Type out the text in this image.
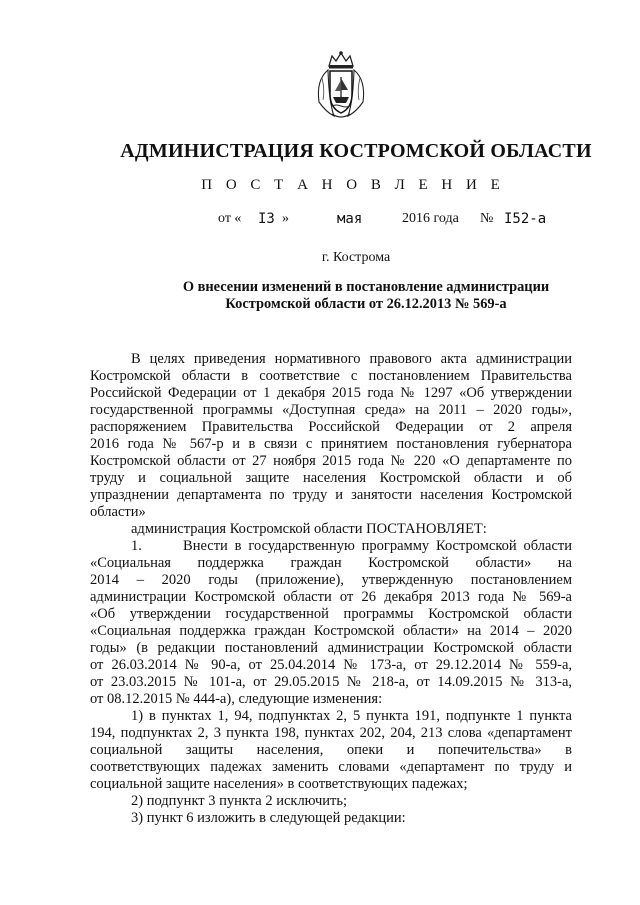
АДМИНИСТРАЦИЯ КОСТРОМСКОЙ ОБЛАСТИ
П О С Т А Н О В Л Е Н И Е
от « I3 »	мая	2016 года № I52-а
г. Кострома
О внесении изменений в постановление администрации
Костромской области от 26.12.2013 № 569-а
В целях приведения нормативного правового акта администрации
Костромской области в соответствие с постановлением Правительства
Российской Федерации от 1 декабря 2015 года № 1297 «Об утверждении
государственной программы «Доступная среда» на 2011 – 2020 годы»,
распоряжением Правительства Российской Федерации от 2 апреля
2016 года № 567-р и в связи с принятием постановления губернатора
Костромской области от 27 ноября 2015 года № 220 «О департаменте по
труду и социальной защите населения Костромской области и об
упразднении департамента по труду и занятости населения Костромской
области»
администрация Костромской области ПОСТАНОВЛЯЕТ:
1.      Внести в государственную программу Костромской области
«Социальная поддержка граждан Костромской области» на
2014 – 2020 годы (приложение), утвержденную постановлением
администрации Костромской области от 26 декабря 2013 года № 569-а
«Об утверждении государственной программы Костромской области
«Социальная поддержка граждан Костромской области» на 2014 – 2020
годы» (в редакции постановлений администрации Костромской области
от 26.03.2014 № 90-а, от 25.04.2014 № 173-а, от 29.12.2014 № 559-а,
от 23.03.2015 № 101-а, от 29.05.2015 № 218-а, от 14.09.2015 № 313-а,
от 08.12.2015 № 444-а), следующие изменения:
1) в пунктах 1, 94, подпунктах 2, 5 пункта 191, подпункте 1 пункта
194, подпунктах 2, 3 пункта 198, пунктах 202, 204, 213 слова «департамент
социальной защиты населения, опеки и попечительства» в
соответствующих падежах заменить словами «департамент по труду и
социальной защите населения» в соответствующих падежах;
2) подпункт 3 пункта 2 исключить;
3) пункт 6 изложить в следующей редакции:
